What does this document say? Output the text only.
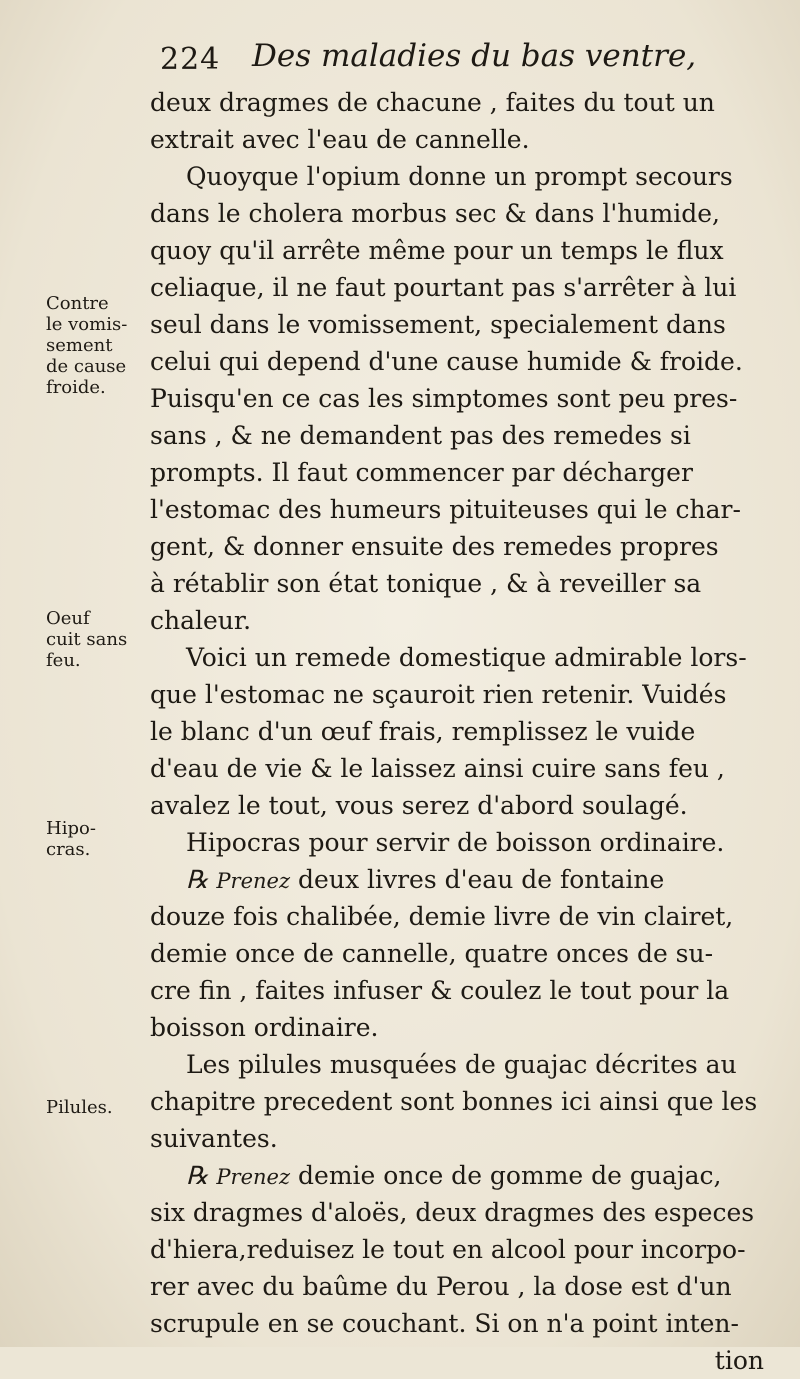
224 Des maladies du bas ventre,
deux dragmes de chacune , faites du tout un
extrait avec l'eau de cannelle.
Quoyque l'opium donne un prompt secours
dans le cholera morbus sec & dans l'humide,
quoy qu'il arrête même pour un temps le flux
celiaque, il ne faut pourtant pas s'arrêter à lui
seul dans le vomissement, specialement dans
celui qui depend d'une cause humide & froide.
Puisqu'en ce cas les simptomes sont peu pres-
sans , & ne demandent pas des remedes si
prompts. Il faut commencer par décharger
l'estomac des humeurs pituiteuses qui le char-
gent, & donner ensuite des remedes propres
à rétablir son état tonique , & à reveiller sa
chaleur.
Voici un remede domestique admirable lors-
que l'estomac ne sçauroit rien retenir. Vuidés
le blanc d'un œuf frais, remplissez le vuide
d'eau de vie & le laissez ainsi cuire sans feu ,
avalez le tout, vous serez d'abord soulagé.
Hipocras pour servir de boisson ordinaire.
℞ Prenez deux livres d'eau de fontaine
douze fois chalibée, demie livre de vin clairet,
demie once de cannelle, quatre onces de su-
cre fin , faites infuser & coulez le tout pour la
boisson ordinaire.
Les pilules musquées de guajac décrites au
chapitre precedent sont bonnes ici ainsi que les
suivantes.
℞ Prenez demie once de gomme de guajac,
six dragmes d'aloës, deux dragmes des especes
d'hiera,reduisez le tout en alcool pour incorpo-
rer avec du baûme du Perou , la dose est d'un
scrupule en se couchant. Si on n'a point inten-
tion
Contre
le vomis-
sement
de cause
froide.
Oeuf
cuit sans
feu.
Hipo-
cras.
Pilules.
